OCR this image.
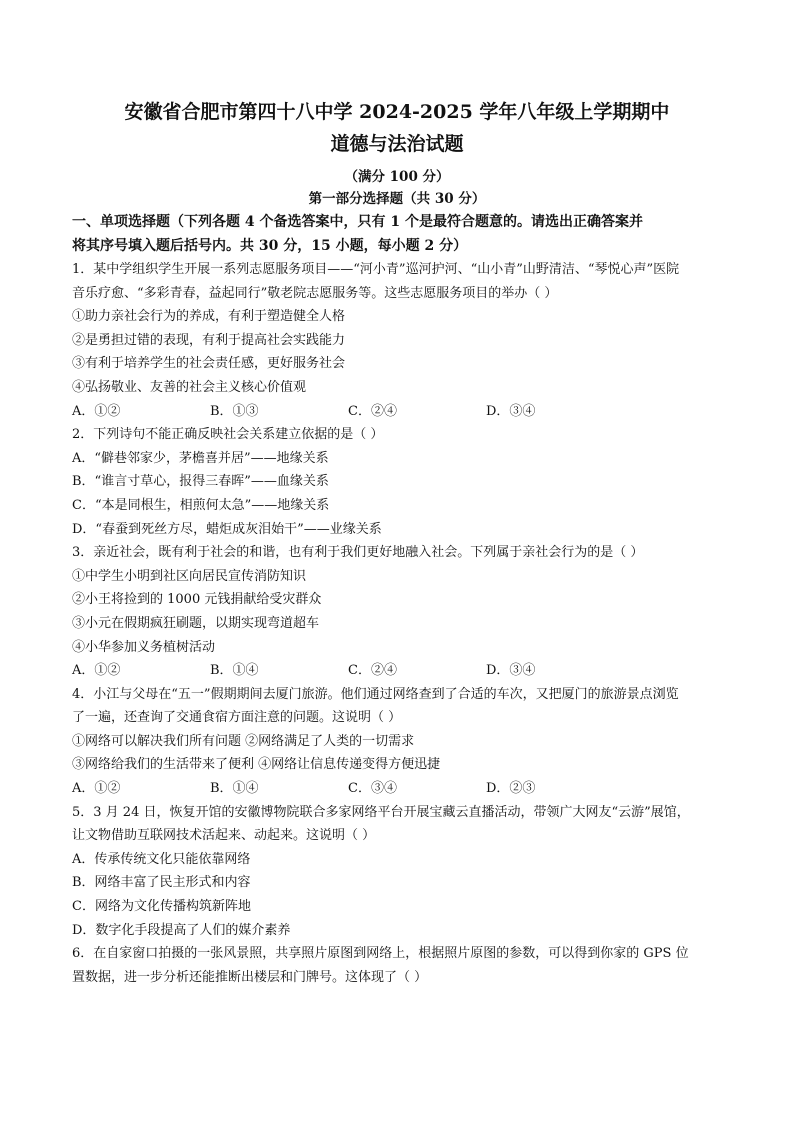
安徽省合肥市第四十八中学 2024-2025 学年八年级上学期期中
道德与法治试题
（满分 100 分）
第一部分选择题（共 30 分）
一、单项选择题（下列各题 4 个备选答案中，只有 1 个是最符合题意的。请选出正确答案并
将其序号填入题后括号内。共 30 分，15 小题，每小题 2 分）
1．某中学组织学生开展一系列志愿服务项目——“河小青”巡河护河、“山小青”山野清洁、“琴悦心声”医院
音乐疗愈、“多彩青春，益起同行”敬老院志愿服务等。这些志愿服务项目的举办（ ）
①助力亲社会行为的养成，有利于塑造健全人格
②是勇担过错的表现，有利于提高社会实践能力
③有利于培养学生的社会责任感，更好服务社会
④弘扬敬业、友善的社会主义核心价值观
A．①②	B．①③	C．②④	D．③④
2．下列诗句不能正确反映社会关系建立依据的是（ ）
A．“僻巷邻家少，茅檐喜并居”——地缘关系
B．“谁言寸草心，报得三春晖”——血缘关系
C．“本是同根生，相煎何太急”——地缘关系
D．“春蚕到死丝方尽，蜡炬成灰泪始干”——业缘关系
3．亲近社会，既有利于社会的和谐，也有利于我们更好地融入社会。下列属于亲社会行为的是（ ）
①中学生小明到社区向居民宣传消防知识
②小王将捡到的 1000 元钱捐献给受灾群众
③小元在假期疯狂刷题，以期实现弯道超车
④小华参加义务植树活动
A．①②	B．①④	C．②④	D．③④
4．小江与父母在“五一”假期期间去厦门旅游。他们通过网络查到了合适的车次，又把厦门的旅游景点浏览
了一遍，还查询了交通食宿方面注意的问题。这说明（ ）
①网络可以解决我们所有问题 ②网络满足了人类的一切需求
③网络给我们的生活带来了便利 ④网络让信息传递变得方便迅捷
A．①②	B．①④	C．③④	D．②③
5．3 月 24 日，恢复开馆的安徽博物院联合多家网络平台开展宝藏云直播活动，带领广大网友“云游”展馆，
让文物借助互联网技术活起来、动起来。这说明（ ）
A．传承传统文化只能依靠网络
B．网络丰富了民主形式和内容
C．网络为文化传播构筑新阵地
D．数字化手段提高了人们的媒介素养
6．在自家窗口拍摄的一张风景照，共享照片原图到网络上，根据照片原图的参数，可以得到你家的 GPS 位
置数据，进一步分析还能推断出楼层和门牌号。这体现了（ ）
